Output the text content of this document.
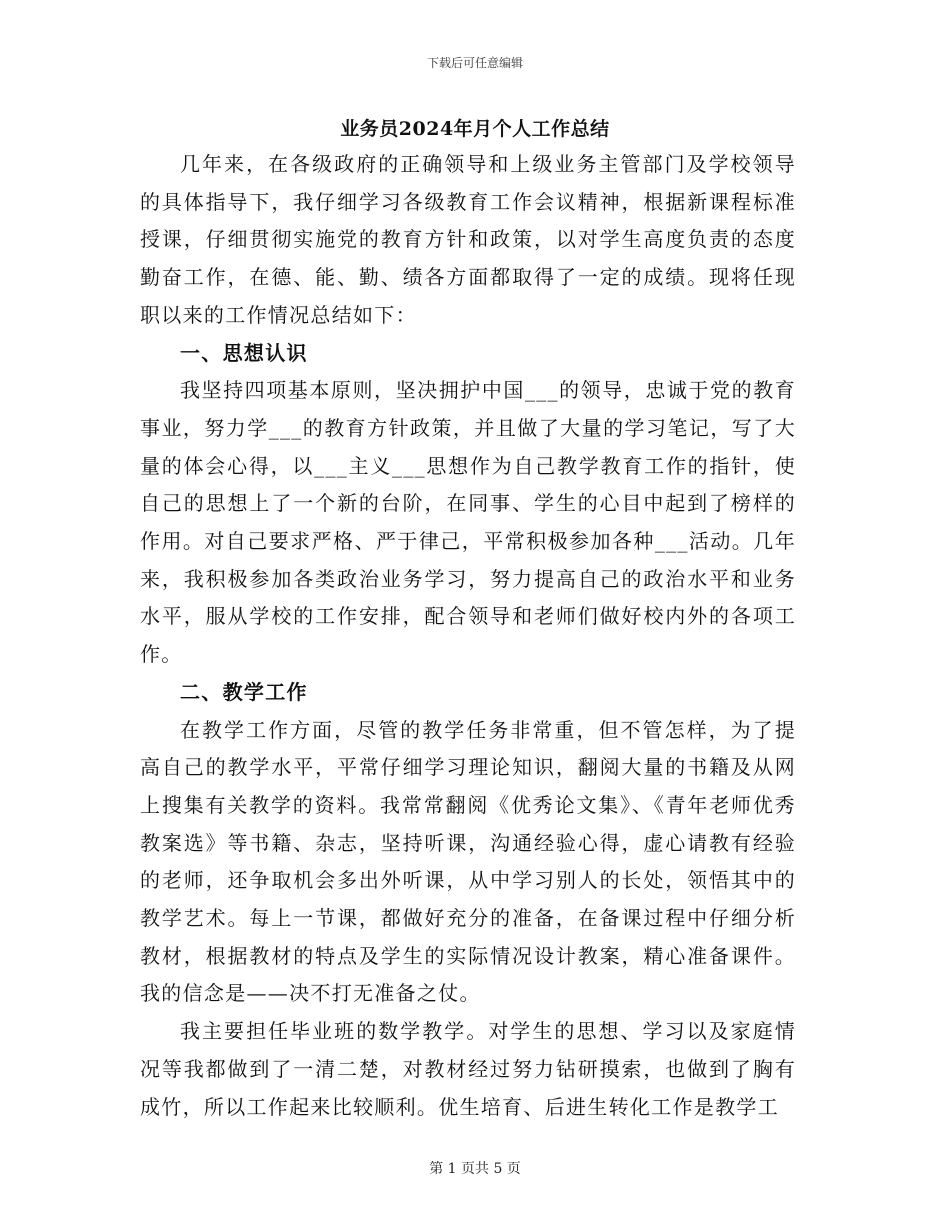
下载后可任意编辑
业务员2024年月个人工作总结

几年来，在各级政府的正确领导和上级业务主管部门及学校领导的具体指导下，我仔细学习各级教育工作会议精神，根据新课程标准授课，仔细贯彻实施党的教育方针和政策，以对学生高度负责的态度勤奋工作，在德、能、勤、绩各方面都取得了一定的成绩。现将任现职以来的工作情况总结如下：

一、思想认识

我坚持四项基本原则，坚决拥护中国___的领导，忠诚于党的教育事业，努力学___的教育方针政策，并且做了大量的学习笔记，写了大量的体会心得，以___主义___思想作为自己教学教育工作的指针，使自己的思想上了一个新的台阶，在同事、学生的心目中起到了榜样的作用。对自己要求严格、严于律己，平常积极参加各种___活动。几年来，我积极参加各类政治业务学习，努力提高自己的政治水平和业务水平，服从学校的工作安排，配合领导和老师们做好校内外的各项工作。

二、教学工作

在教学工作方面，尽管的教学任务非常重，但不管怎样，为了提高自己的教学水平，平常仔细学习理论知识，翻阅大量的书籍及从网上搜集有关教学的资料。我常常翻阅《优秀论文集》、《青年老师优秀教案选》等书籍、杂志，坚持听课，沟通经验心得，虚心请教有经验的老师，还争取机会多出外听课，从中学习别人的长处，领悟其中的教学艺术。每上一节课，都做好充分的准备，在备课过程中仔细分析教材，根据教材的特点及学生的实际情况设计教案，精心准备课件。我的信念是——决不打无准备之仗。

我主要担任毕业班的数学教学。对学生的思想、学习以及家庭情况等我都做到了一清二楚，对教材经过努力钻研摸索，也做到了胸有成竹，所以工作起来比较顺利。优生培育、后进生转化工作是教学工

第 1 页共 5 页
